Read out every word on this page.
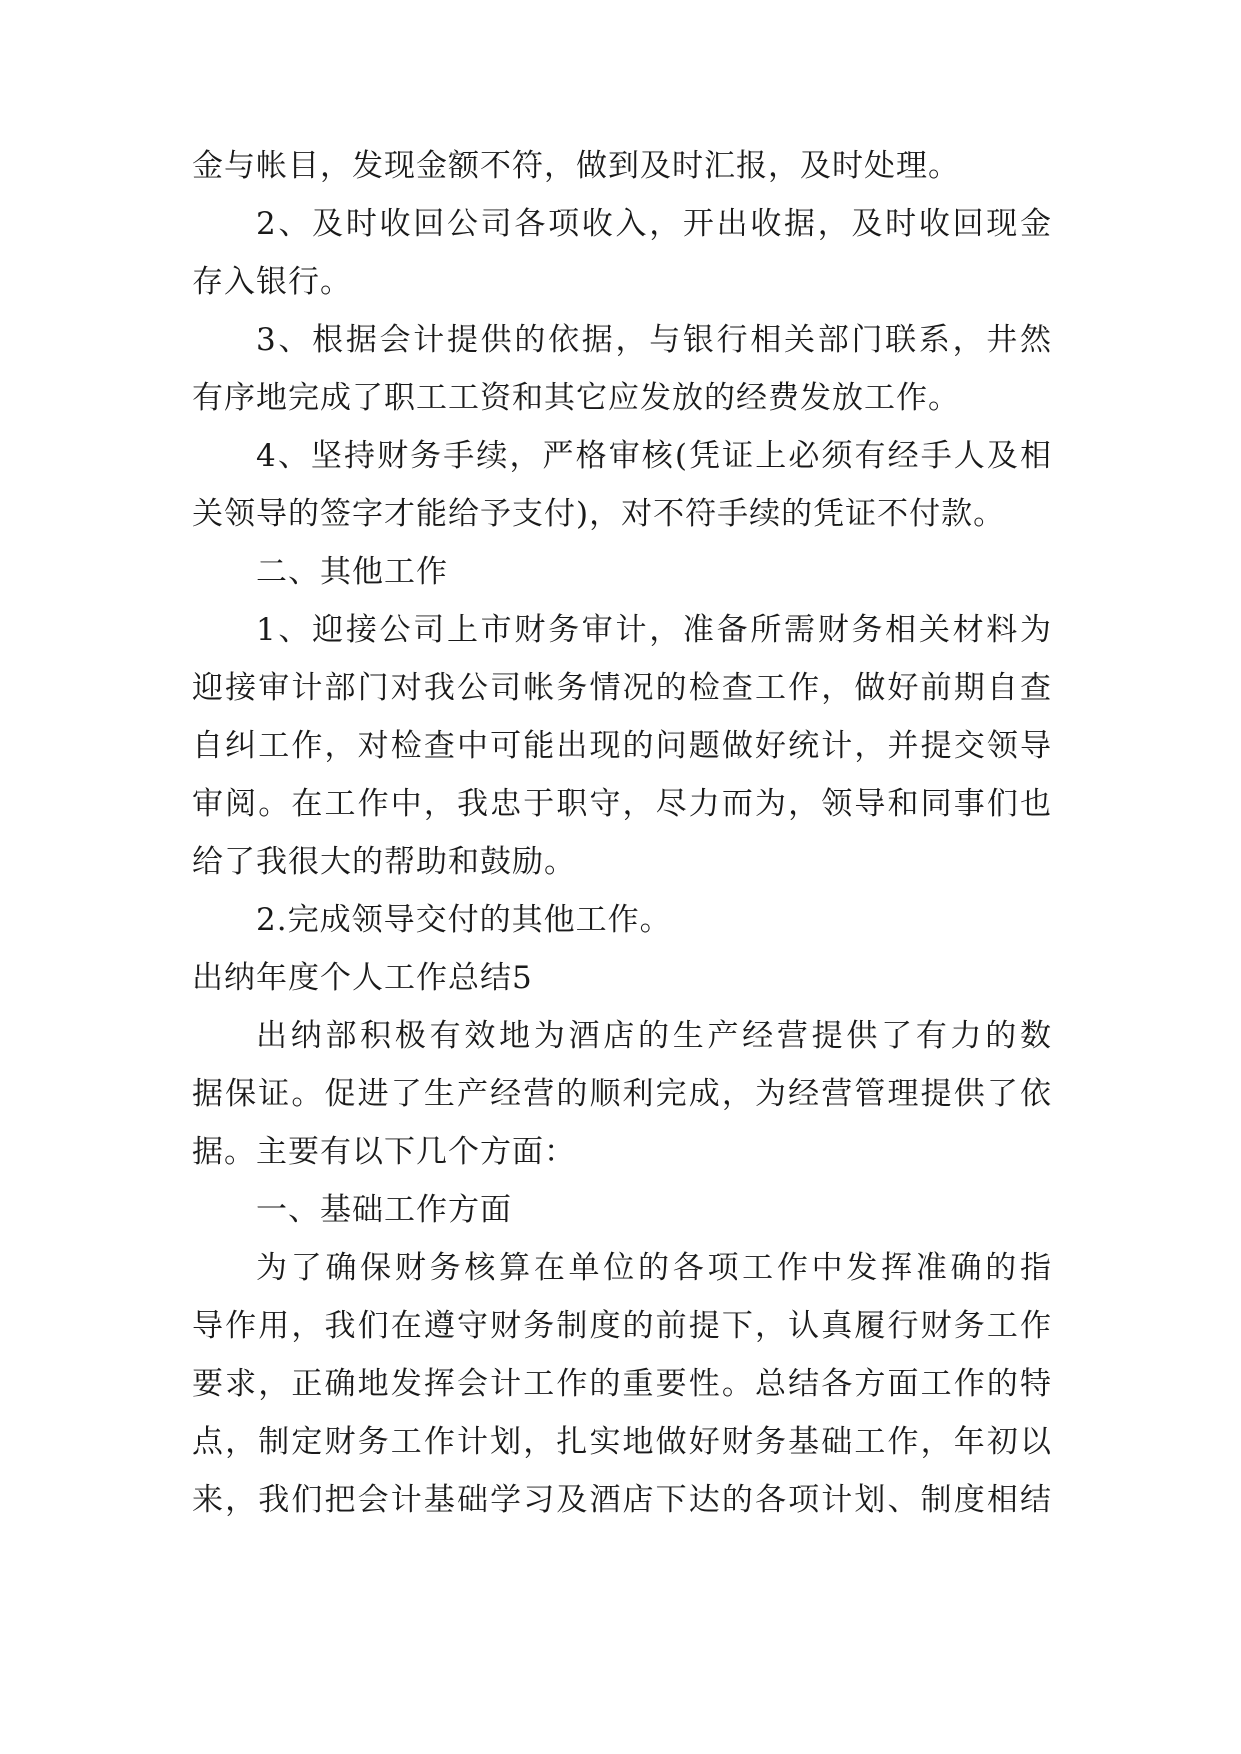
金与帐目，发现金额不符，做到及时汇报，及时处理。
2、及时收回公司各项收入，开出收据，及时收回现金
存入银行。
3、根据会计提供的依据，与银行相关部门联系，井然
有序地完成了职工工资和其它应发放的经费发放工作。
4、坚持财务手续，严格审核(凭证上必须有经手人及相
关领导的签字才能给予支付)，对不符手续的凭证不付款。
二、其他工作
1、迎接公司上市财务审计，准备所需财务相关材料为
迎接审计部门对我公司帐务情况的检查工作，做好前期自查
自纠工作，对检查中可能出现的问题做好统计，并提交领导
审阅。在工作中，我忠于职守，尽力而为，领导和同事们也
给了我很大的帮助和鼓励。
2.完成领导交付的其他工作。
出纳年度个人工作总结5
出纳部积极有效地为酒店的生产经营提供了有力的数
据保证。促进了生产经营的顺利完成，为经营管理提供了依
据。主要有以下几个方面：
一、基础工作方面
为了确保财务核算在单位的各项工作中发挥准确的指
导作用，我们在遵守财务制度的前提下，认真履行财务工作
要求，正确地发挥会计工作的重要性。总结各方面工作的特
点，制定财务工作计划，扎实地做好财务基础工作，年初以
来，我们把会计基础学习及酒店下达的各项计划、制度相结
